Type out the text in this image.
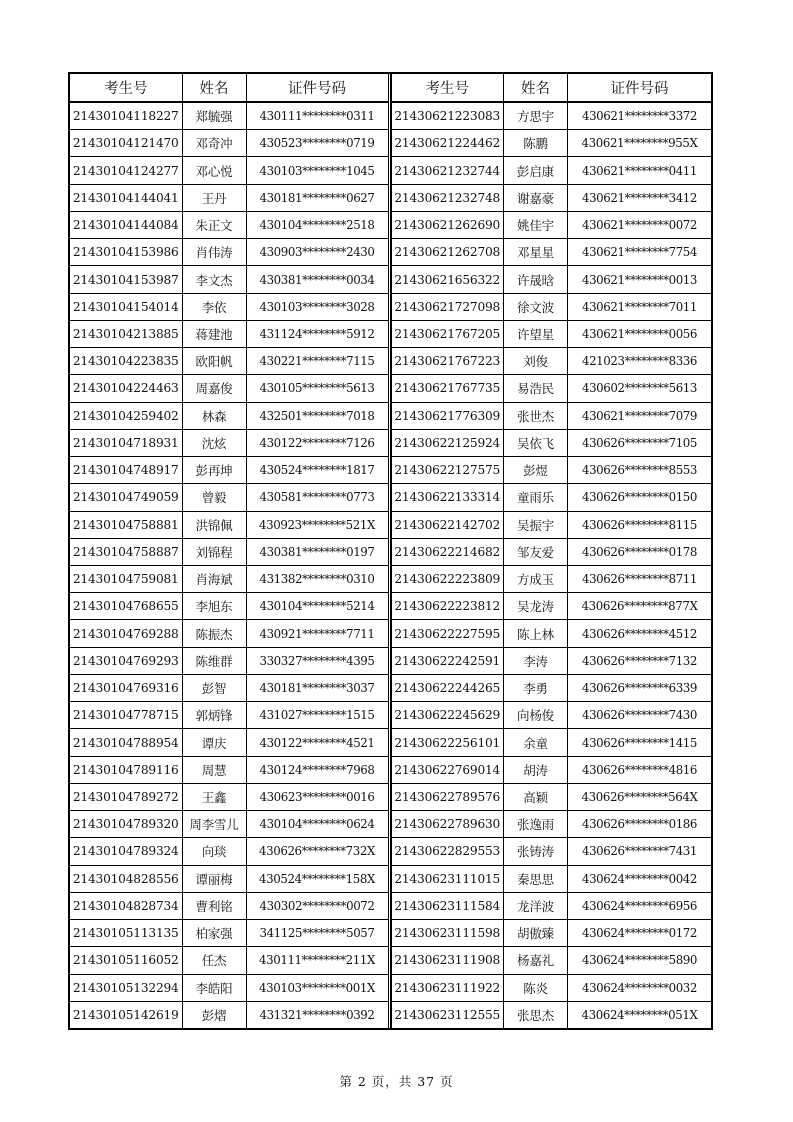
考生号	姓名	证件号码
21430104118227	郑毓强	430111********0311
21430104121470	邓奇冲	430523********0719
21430104124277	邓心悦	430103********1045
21430104144041	王丹	430181********0627
21430104144084	朱正文	430104********2518
21430104153986	肖伟涛	430903********2430
21430104153987	李文杰	430381********0034
21430104154014	李依	430103********3028
21430104213885	蒋建池	431124********5912
21430104223835	欧阳帆	430221********7115
21430104224463	周嘉俊	430105********5613
21430104259402	林森	432501********7018
21430104718931	沈炫	430122********7126
21430104748917	彭再坤	430524********1817
21430104749059	曾毅	430581********0773
21430104758881	洪锦佩	430923********521X
21430104758887	刘锦程	430381********0197
21430104759081	肖海斌	431382********0310
21430104768655	李旭东	430104********5214
21430104769288	陈振杰	430921********7711
21430104769293	陈维群	330327********4395
21430104769316	彭智	430181********3037
21430104778715	郭炳锋	431027********1515
21430104788954	谭庆	430122********4521
21430104789116	周慧	430124********7968
21430104789272	王鑫	430623********0016
21430104789320	周李雪儿	430104********0624
21430104789324	向琰	430626********732X
21430104828556	谭丽梅	430524********158X
21430104828734	曹利铭	430302********0072
21430105113135	柏家强	341125********5057
21430105116052	任杰	430111********211X
21430105132294	李皓阳	430103********001X
21430105142619	彭熠	431321********0392
考生号	姓名	证件号码
21430621223083	方思宇	430621********3372
21430621224462	陈鹏	430621********955X
21430621232744	彭启康	430621********0411
21430621232748	谢嘉豪	430621********3412
21430621262690	姚佳宇	430621********0072
21430621262708	邓星星	430621********7754
21430621656322	许晟晗	430621********0013
21430621727098	徐文波	430621********7011
21430621767205	许望星	430621********0056
21430621767223	刘俊	421023********8336
21430621767735	易浩民	430602********5613
21430621776309	张世杰	430621********7079
21430622125924	吴依飞	430626********7105
21430622127575	彭煜	430626********8553
21430622133314	童雨乐	430626********0150
21430622142702	吴振宇	430626********8115
21430622214682	邹友爱	430626********0178
21430622223809	方成玉	430626********8711
21430622223812	吴龙涛	430626********877X
21430622227595	陈上林	430626********4512
21430622242591	李涛	430626********7132
21430622244265	李勇	430626********6339
21430622245629	向杨俊	430626********7430
21430622256101	余童	430626********1415
21430622769014	胡涛	430626********4816
21430622789576	高颖	430626********564X
21430622789630	张逸雨	430626********0186
21430622829553	张铸涛	430626********7431
21430623111015	秦思思	430624********0042
21430623111584	龙洋波	430624********6956
21430623111598	胡傲臻	430624********0172
21430623111908	杨嘉礼	430624********5890
21430623111922	陈炎	430624********0032
21430623112555	张思杰	430624********051X
第 2 页，共 37 页
